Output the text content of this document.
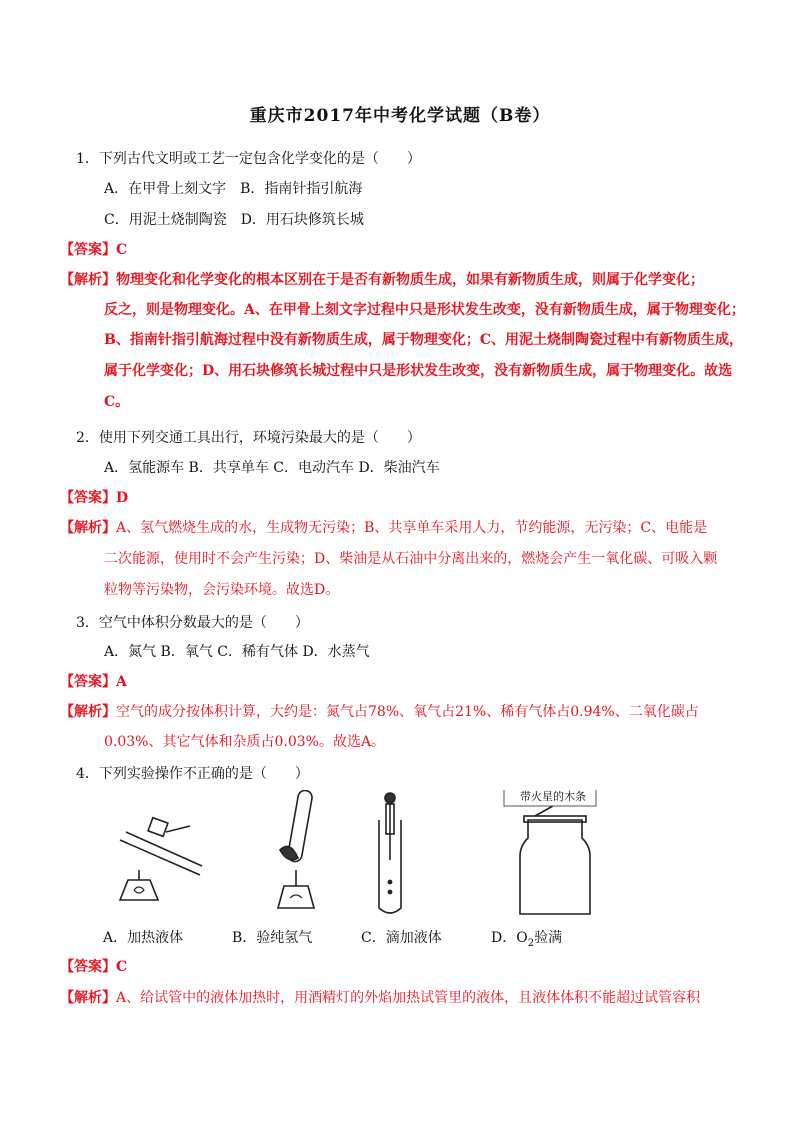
重庆市2017年中考化学试题（B卷）
1．下列古代文明或工艺一定包含化学变化的是（　　）
A．在甲骨上刻文字　B．指南针指引航海
C．用泥土烧制陶瓷　D．用石块修筑长城
【答案】C
【解析】物理变化和化学变化的根本区别在于是否有新物质生成，如果有新物质生成，则属于化学变化；
反之，则是物理变化。A、在甲骨上刻文字过程中只是形状发生改变，没有新物质生成，属于物理变化；
B、指南针指引航海过程中没有新物质生成，属于物理变化；C、用泥土烧制陶瓷过程中有新物质生成，
属于化学变化；D、用石块修筑长城过程中只是形状发生改变，没有新物质生成，属于物理变化。故选
C。
2．使用下列交通工具出行，环境污染最大的是（　　）
A．氢能源车 B．共享单车 C．电动汽车 D．柴油汽车
【答案】D
【解析】A、氢气燃烧生成的水，生成物无污染；B、共享单车采用人力，节约能源，无污染；C、电能是
二次能源，使用时不会产生污染；D、柴油是从石油中分离出来的，燃烧会产生一氧化碳、可吸入颗
粒物等污染物，会污染环境。故选D。
3．空气中体积分数最大的是（　　）
A．氮气 B．氧气 C．稀有气体 D．水蒸气
【答案】A
【解析】空气的成分按体积计算，大约是：氮气占78%、氧气占21%、稀有气体占0.94%、二氧化碳占
0.03%、其它气体和杂质占0.03%。故选A。
4．下列实验操作不正确的是（　　）
带火星的木条
A．加热液体	B．验纯氢气	C．滴加液体	D．$O_2$验满
【答案】C
【解析】A、给试管中的液体加热时，用酒精灯的外焰加热试管里的液体，且液体体积不能超过试管容积
